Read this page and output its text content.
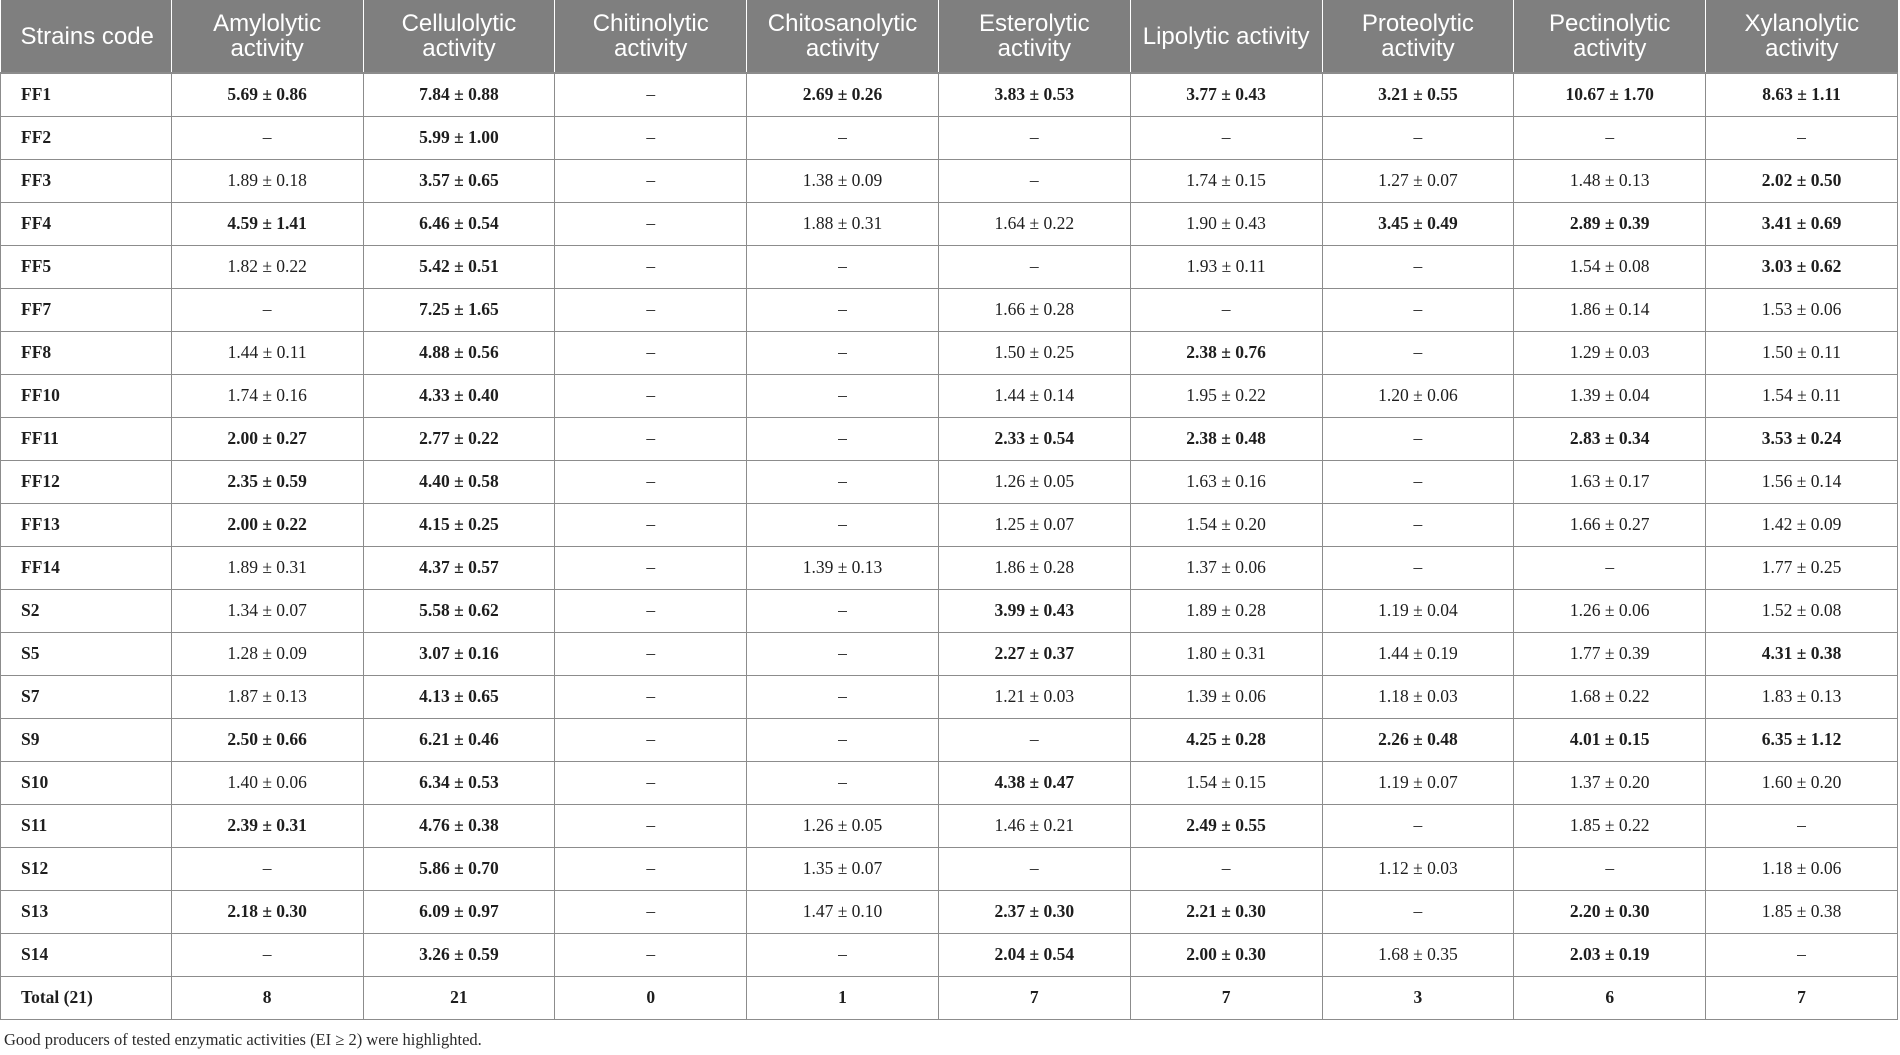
Strains code	Amylolytic activity	Cellulolytic activity	Chitinolytic activity	Chitosanolytic activity	Esterolytic activity	Lipolytic activity	Proteolytic activity	Pectinolytic activity	Xylanolytic activity
FF1	5.69 ± 0.86	7.84 ± 0.88	–	2.69 ± 0.26	3.83 ± 0.53	3.77 ± 0.43	3.21 ± 0.55	10.67 ± 1.70	8.63 ± 1.11
FF2	–	5.99 ± 1.00	–	–	–	–	–	–	–
FF3	1.89 ± 0.18	3.57 ± 0.65	–	1.38 ± 0.09	–	1.74 ± 0.15	1.27 ± 0.07	1.48 ± 0.13	2.02 ± 0.50
FF4	4.59 ± 1.41	6.46 ± 0.54	–	1.88 ± 0.31	1.64 ± 0.22	1.90 ± 0.43	3.45 ± 0.49	2.89 ± 0.39	3.41 ± 0.69
FF5	1.82 ± 0.22	5.42 ± 0.51	–	–	–	1.93 ± 0.11	–	1.54 ± 0.08	3.03 ± 0.62
FF7	–	7.25 ± 1.65	–	–	1.66 ± 0.28	–	–	1.86 ± 0.14	1.53 ± 0.06
FF8	1.44 ± 0.11	4.88 ± 0.56	–	–	1.50 ± 0.25	2.38 ± 0.76	–	1.29 ± 0.03	1.50 ± 0.11
FF10	1.74 ± 0.16	4.33 ± 0.40	–	–	1.44 ± 0.14	1.95 ± 0.22	1.20 ± 0.06	1.39 ± 0.04	1.54 ± 0.11
FF11	2.00 ± 0.27	2.77 ± 0.22	–	–	2.33 ± 0.54	2.38 ± 0.48	–	2.83 ± 0.34	3.53 ± 0.24
FF12	2.35 ± 0.59	4.40 ± 0.58	–	–	1.26 ± 0.05	1.63 ± 0.16	–	1.63 ± 0.17	1.56 ± 0.14
FF13	2.00 ± 0.22	4.15 ± 0.25	–	–	1.25 ± 0.07	1.54 ± 0.20	–	1.66 ± 0.27	1.42 ± 0.09
FF14	1.89 ± 0.31	4.37 ± 0.57	–	1.39 ± 0.13	1.86 ± 0.28	1.37 ± 0.06	–	–	1.77 ± 0.25
S2	1.34 ± 0.07	5.58 ± 0.62	–	–	3.99 ± 0.43	1.89 ± 0.28	1.19 ± 0.04	1.26 ± 0.06	1.52 ± 0.08
S5	1.28 ± 0.09	3.07 ± 0.16	–	–	2.27 ± 0.37	1.80 ± 0.31	1.44 ± 0.19	1.77 ± 0.39	4.31 ± 0.38
S7	1.87 ± 0.13	4.13 ± 0.65	–	–	1.21 ± 0.03	1.39 ± 0.06	1.18 ± 0.03	1.68 ± 0.22	1.83 ± 0.13
S9	2.50 ± 0.66	6.21 ± 0.46	–	–	–	4.25 ± 0.28	2.26 ± 0.48	4.01 ± 0.15	6.35 ± 1.12
S10	1.40 ± 0.06	6.34 ± 0.53	–	–	4.38 ± 0.47	1.54 ± 0.15	1.19 ± 0.07	1.37 ± 0.20	1.60 ± 0.20
S11	2.39 ± 0.31	4.76 ± 0.38	–	1.26 ± 0.05	1.46 ± 0.21	2.49 ± 0.55	–	1.85 ± 0.22	–
S12	–	5.86 ± 0.70	–	1.35 ± 0.07	–	–	1.12 ± 0.03	–	1.18 ± 0.06
S13	2.18 ± 0.30	6.09 ± 0.97	–	1.47 ± 0.10	2.37 ± 0.30	2.21 ± 0.30	–	2.20 ± 0.30	1.85 ± 0.38
S14	–	3.26 ± 0.59	–	–	2.04 ± 0.54	2.00 ± 0.30	1.68 ± 0.35	2.03 ± 0.19	–
Total (21)	8	21	0	1	7	7	3	6	7

Good producers of tested enzymatic activities (EI ≥ 2) were highlighted.
